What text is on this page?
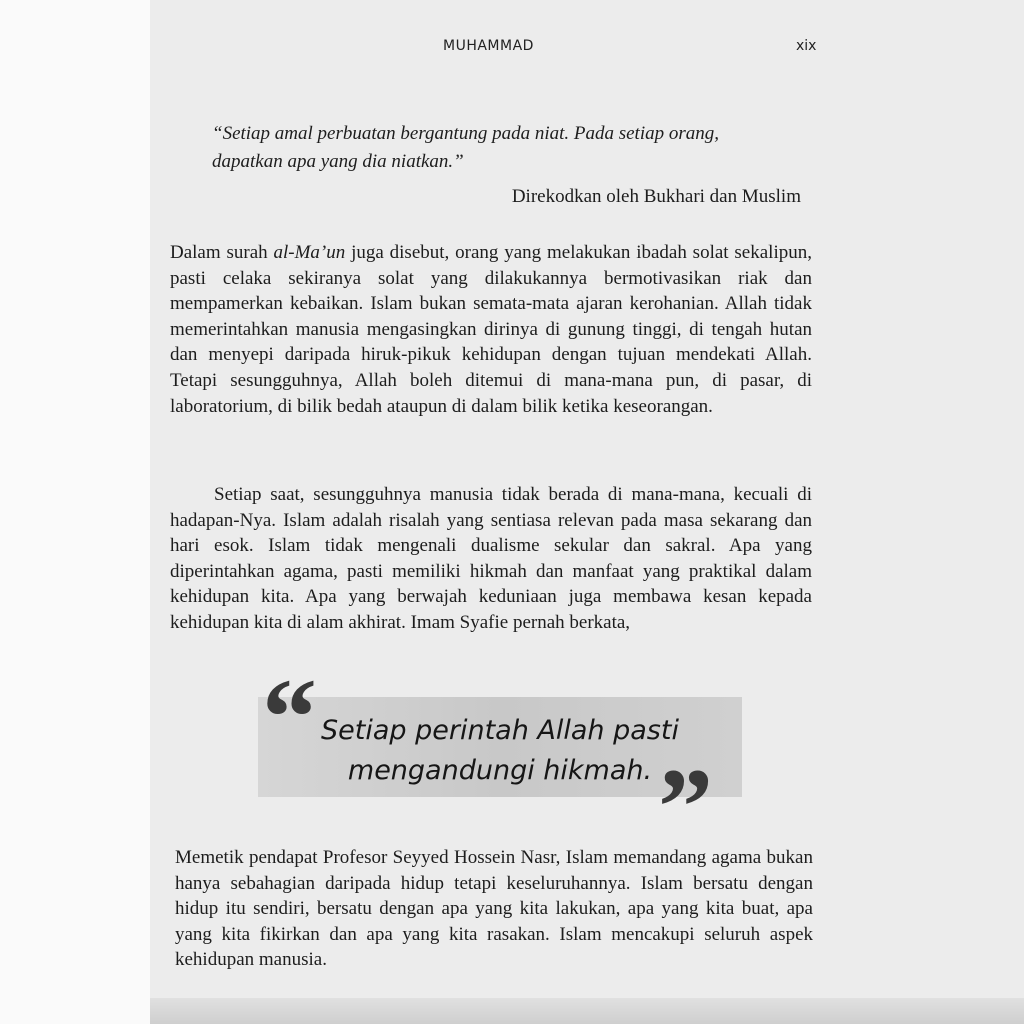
MUHAMMAD	xix
“Setiap amal perbuatan bergantung pada niat. Pada setiap orang,
dapatkan apa yang dia niatkan.”
Direkodkan oleh Bukhari dan Muslim

Dalam surah al-Ma’un juga disebut, orang yang melakukan ibadah solat sekalipun, pasti celaka sekiranya solat yang dilakukannya bermotivasikan riak dan mempamerkan kebaikan. Islam bukan semata-mata ajaran kerohanian. Allah tidak memerintahkan manusia mengasingkan dirinya di gunung tinggi, di tengah hutan dan menyepi daripada hiruk-pikuk kehidupan dengan tujuan mendekati Allah. Tetapi sesungguhnya, Allah boleh ditemui di mana-mana pun, di pasar, di laboratorium, di bilik bedah ataupun di dalam bilik ketika keseorangan.

Setiap saat, sesungguhnya manusia tidak berada di mana-mana, kecuali di hadapan-Nya. Islam adalah risalah yang sentiasa relevan pada masa sekarang dan hari esok. Islam tidak mengenali dualisme sekular dan sakral. Apa yang diperintahkan agama, pasti memiliki hikmah dan manfaat yang praktikal dalam kehidupan kita. Apa yang berwajah keduniaan juga membawa kesan kepada kehidupan kita di alam akhirat. Imam Syafie pernah berkata,

Setiap perintah Allah pasti
mengandungi hikmah.
“
”

Memetik pendapat Profesor Seyyed Hossein Nasr, Islam memandang agama bukan hanya sebahagian daripada hidup tetapi keseluruhannya. Islam bersatu dengan hidup itu sendiri, bersatu dengan apa yang kita lakukan, apa yang kita buat, apa yang kita fikirkan dan apa yang kita rasakan. Islam mencakupi seluruh aspek kehidupan manusia.
